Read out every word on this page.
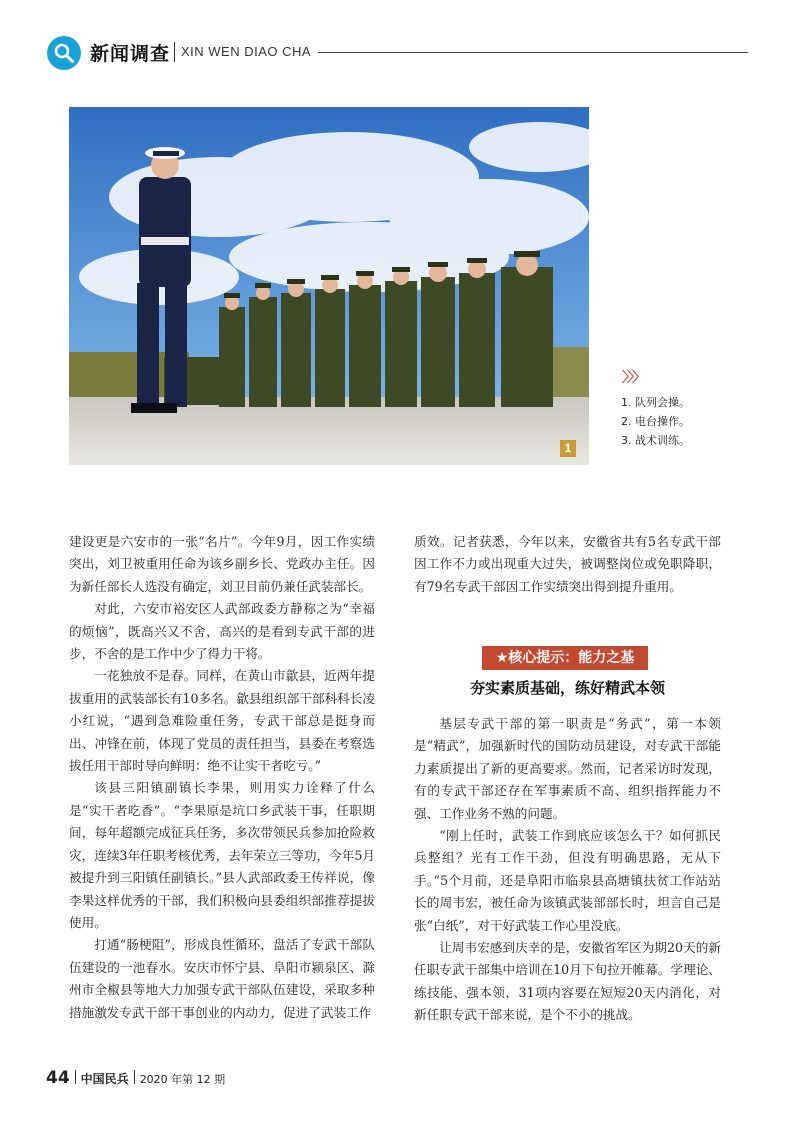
新闻调查 XIN WEN DIAO CHA
1
〉〉〉
1. 队列会操。
2. 电台操作。
3. 战术训练。

建设更是六安市的一张“名片”。今年9月，因工作实绩突出，刘卫被重用任命为该乡副乡长、党政办主任。因为新任部长人选没有确定，刘卫目前仍兼任武装部长。

对此，六安市裕安区人武部政委方静称之为“幸福的烦恼”，既高兴又不舍，高兴的是看到专武干部的进步，不舍的是工作中少了得力干将。

一花独放不是春。同样，在黄山市歙县，近两年提拔重用的武装部长有10多名。歙县组织部干部科科长凌小红说，“遇到急难险重任务，专武干部总是挺身而出、冲锋在前，体现了党员的责任担当，县委在考察选拔任用干部时导向鲜明：绝不让实干者吃亏。”

该县三阳镇副镇长李果，则用实力诠释了什么是“实干者吃香”。“李果原是坑口乡武装干事，任职期间，每年超额完成征兵任务，多次带领民兵参加抢险救灾，连续3年任职考核优秀，去年荣立三等功，今年5月被提升到三阳镇任副镇长。”县人武部政委王传祥说，像李果这样优秀的干部，我们积极向县委组织部推荐提拔使用。

打通“肠梗阻”，形成良性循环，盘活了专武干部队伍建设的一池春水。安庆市怀宁县、阜阳市颍泉区、滁州市全椒县等地大力加强专武干部队伍建设，采取多种措施激发专武干部干事创业的内动力，促进了武装工作

质效。记者获悉，今年以来，安徽省共有5名专武干部因工作不力或出现重大过失，被调整岗位或免职降职，有79名专武干部因工作实绩突出得到提升重用。

★核心提示：能力之基
夯实素质基础，练好精武本领

基层专武干部的第一职责是“务武”，第一本领是“精武”，加强新时代的国防动员建设，对专武干部能力素质提出了新的更高要求。然而，记者采访时发现，有的专武干部还存在军事素质不高、组织指挥能力不强、工作业务不熟的问题。

“刚上任时，武装工作到底应该怎么干？如何抓民兵整组？光有工作干劲，但没有明确思路，无从下手。”5个月前，还是阜阳市临泉县高塘镇扶贫工作站站长的周韦宏，被任命为该镇武装部部长时，坦言自己是张“白纸”，对干好武装工作心里没底。

让周韦宏感到庆幸的是，安徽省军区为期20天的新任职专武干部集中培训在10月下旬拉开帷幕。学理论、练技能、强本领，31项内容要在短短20天内消化，对新任职专武干部来说，是个不小的挑战。

44 中国民兵 2020 年第 12 期
